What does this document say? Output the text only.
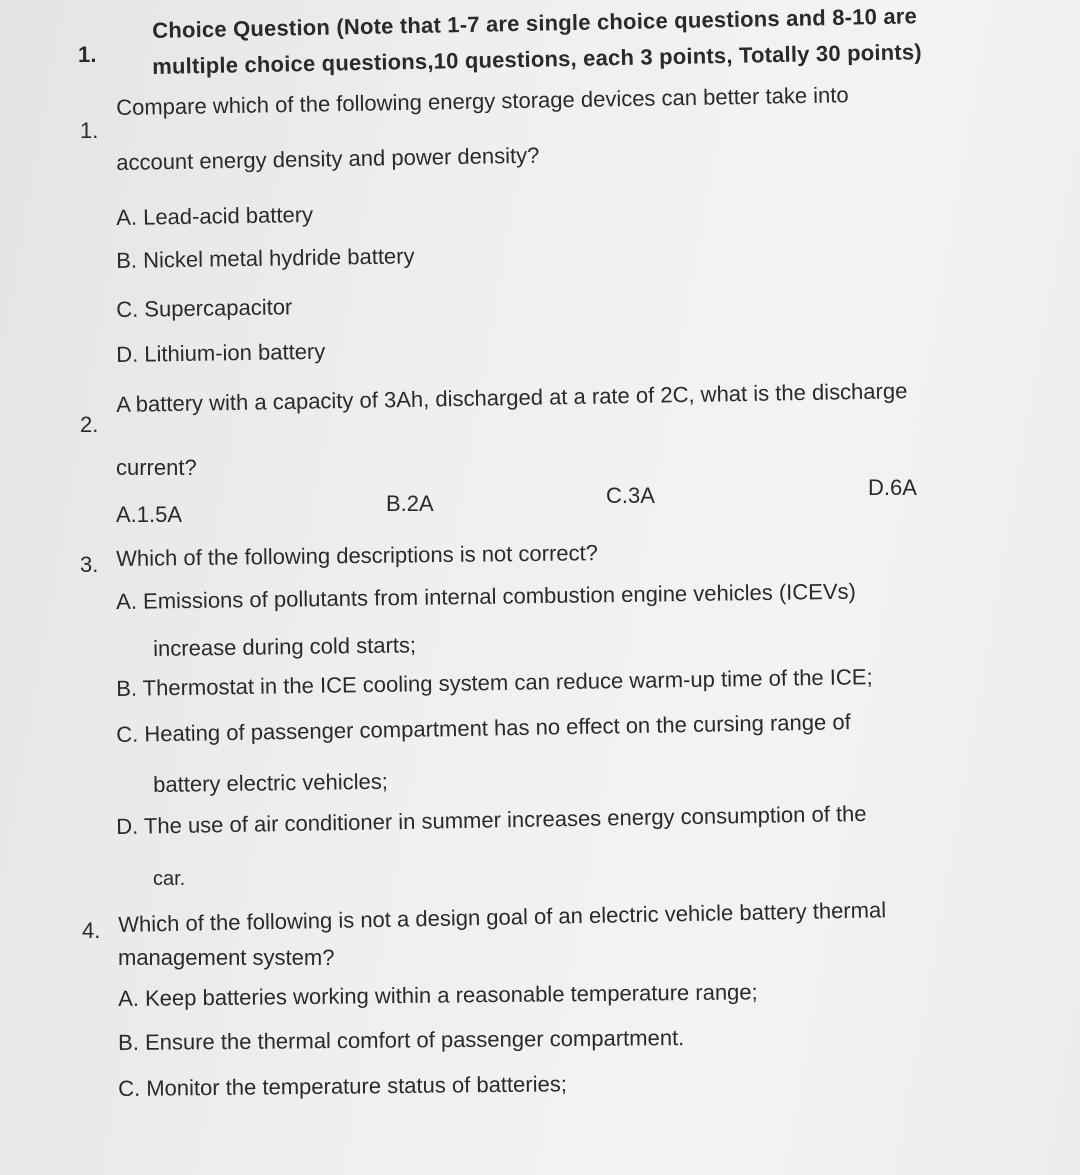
1.
Choice Question (Note that 1-7 are single choice questions and 8-10 are
multiple choice questions,10 questions, each 3 points, Totally 30 points)
1.
Compare which of the following energy storage devices can better take into
account energy density and power density?
A. Lead-acid battery
B. Nickel metal hydride battery
C. Supercapacitor
D. Lithium-ion battery
2.
A battery with a capacity of 3Ah, discharged at a rate of 2C, what is the discharge
current?
A.1.5A	B.2A	C.3A	D.6A
3. Which of the following descriptions is not correct?
A. Emissions of pollutants from internal combustion engine vehicles (ICEVs)
increase during cold starts;
B. Thermostat in the ICE cooling system can reduce warm-up time of the ICE;
C. Heating of passenger compartment has no effect on the cursing range of
battery electric vehicles;
D. The use of air conditioner in summer increases energy consumption of the
car.
4. Which of the following is not a design goal of an electric vehicle battery thermal
management system?
A. Keep batteries working within a reasonable temperature range;
B. Ensure the thermal comfort of passenger compartment.
C. Monitor the temperature status of batteries;
